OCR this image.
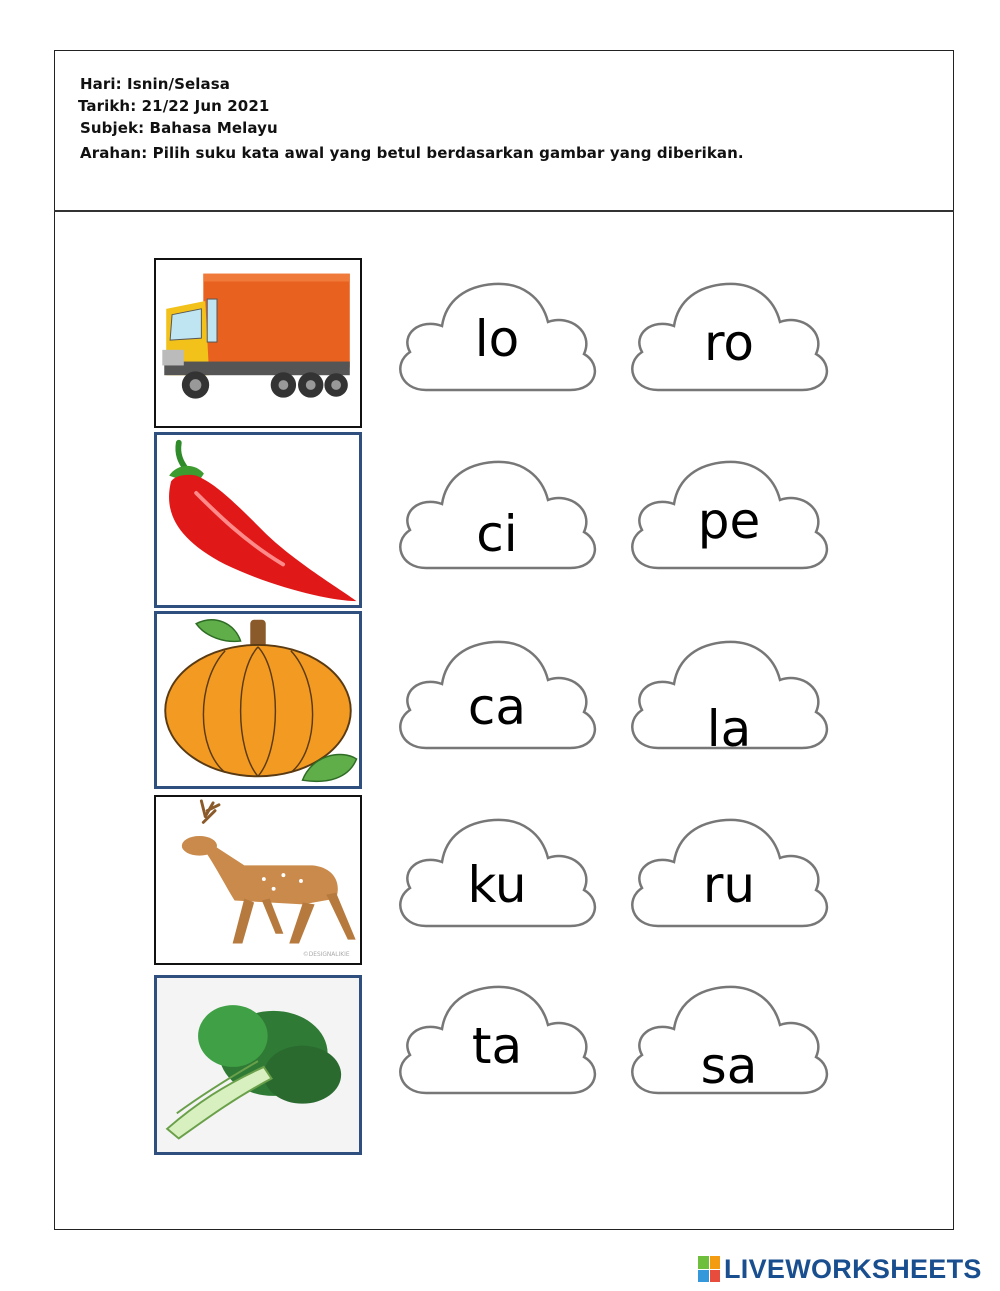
Hari: Isnin/Selasa
Tarikh: 21/22 Jun 2021
Subjek: Bahasa Melayu
Arahan: Pilih suku kata awal yang betul berdasarkan gambar yang diberikan.
©DESIGNALIKIE
lo	ro
ci	pe
ca	la
ku	ru
ta	sa
LIVEWORKSHEETS
